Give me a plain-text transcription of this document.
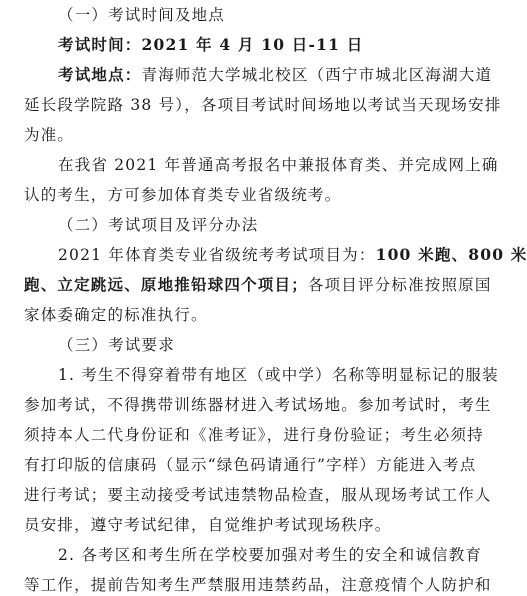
（一）考试时间及地点
考试时间：2021 年 4 月 10 日-11 日
考试地点：青海师范大学城北校区（西宁市城北区海湖大道
延长段学院路 38 号），各项目考试时间场地以考试当天现场安排
为准。
在我省 2021 年普通高考报名中兼报体育类、并完成网上确
认的考生，方可参加体育类专业省级统考。
（二）考试项目及评分办法
2021 年体育类专业省级统考考试项目为：100 米跑、800 米
跑、立定跳远、原地推铅球四个项目；各项目评分标准按照原国
家体委确定的标准执行。
（三）考试要求
1. 考生不得穿着带有地区（或中学）名称等明显标记的服装
参加考试，不得携带训练器材进入考试场地。参加考试时，考生
须持本人二代身份证和《准考证》，进行身份验证；考生必须持
有打印版的信康码（显示“绿色码请通行”字样）方能进入考点
进行考试；要主动接受考试违禁物品检查，服从现场考试工作人
员安排，遵守考试纪律，自觉维护考试现场秩序。
2. 各考区和考生所在学校要加强对考生的安全和诚信教育
等工作，提前告知考生严禁服用违禁药品，注意疫情个人防护和
